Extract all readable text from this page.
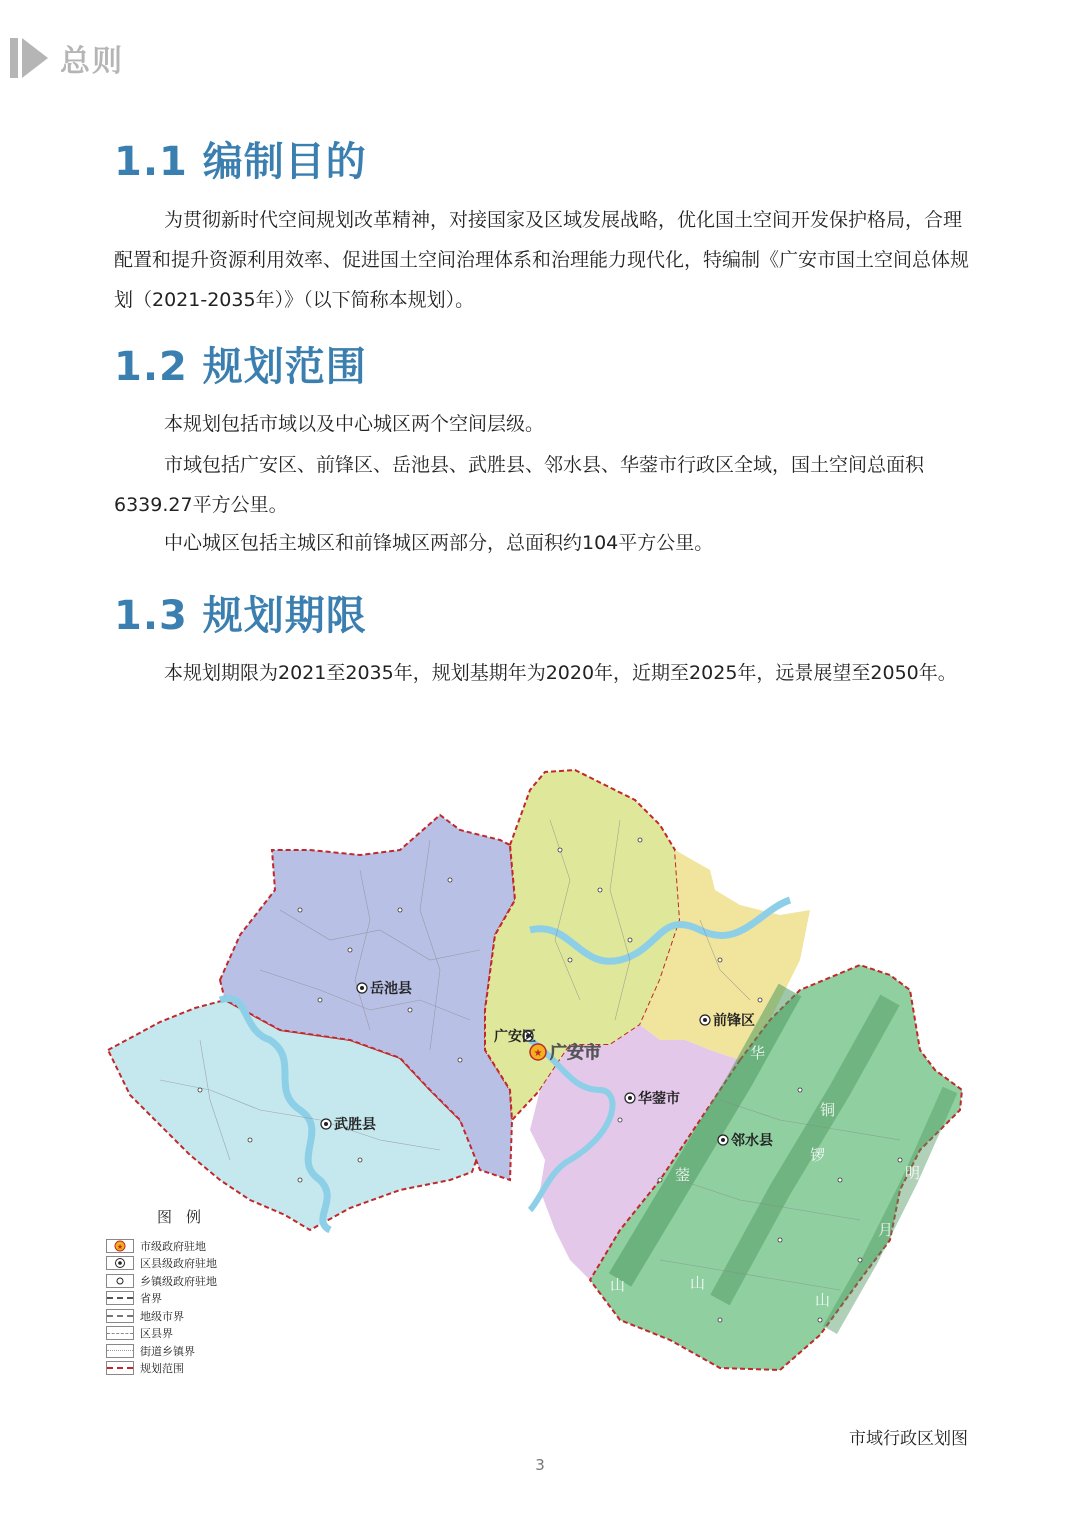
总则
1.1 编制目的
为贯彻新时代空间规划改革精神，对接国家及区域发展战略，优化国土空间开发保护格局，合理配置和提升资源利用效率、促进国土空间治理体系和治理能力现代化，特编制《广安市国土空间总体规划（2021-2035年）》（以下简称本规划）。
1.2 规划范围
本规划包括市域以及中心城区两个空间层级。
市域包括广安区、前锋区、岳池县、武胜县、邻水县、华蓥市行政区全域，国土空间总面积6339.27平方公里。
中心城区包括主城区和前锋城区两部分，总面积约104平方公里。
1.3 规划期限
本规划期限为2021至2035年，规划基期年为2020年，近期至2025年，远景展望至2050年。
★
岳池县
广安区
广安市
前锋区
华蓥市
武胜县
邻水县
华
蓥
山
铜
锣
山
明
月
山
图例
★ 市级政府驻地
区县级政府驻地
乡镇级政府驻地
省界
地级市界
区县界
街道乡镇界
规划范围
市域行政区划图
3
